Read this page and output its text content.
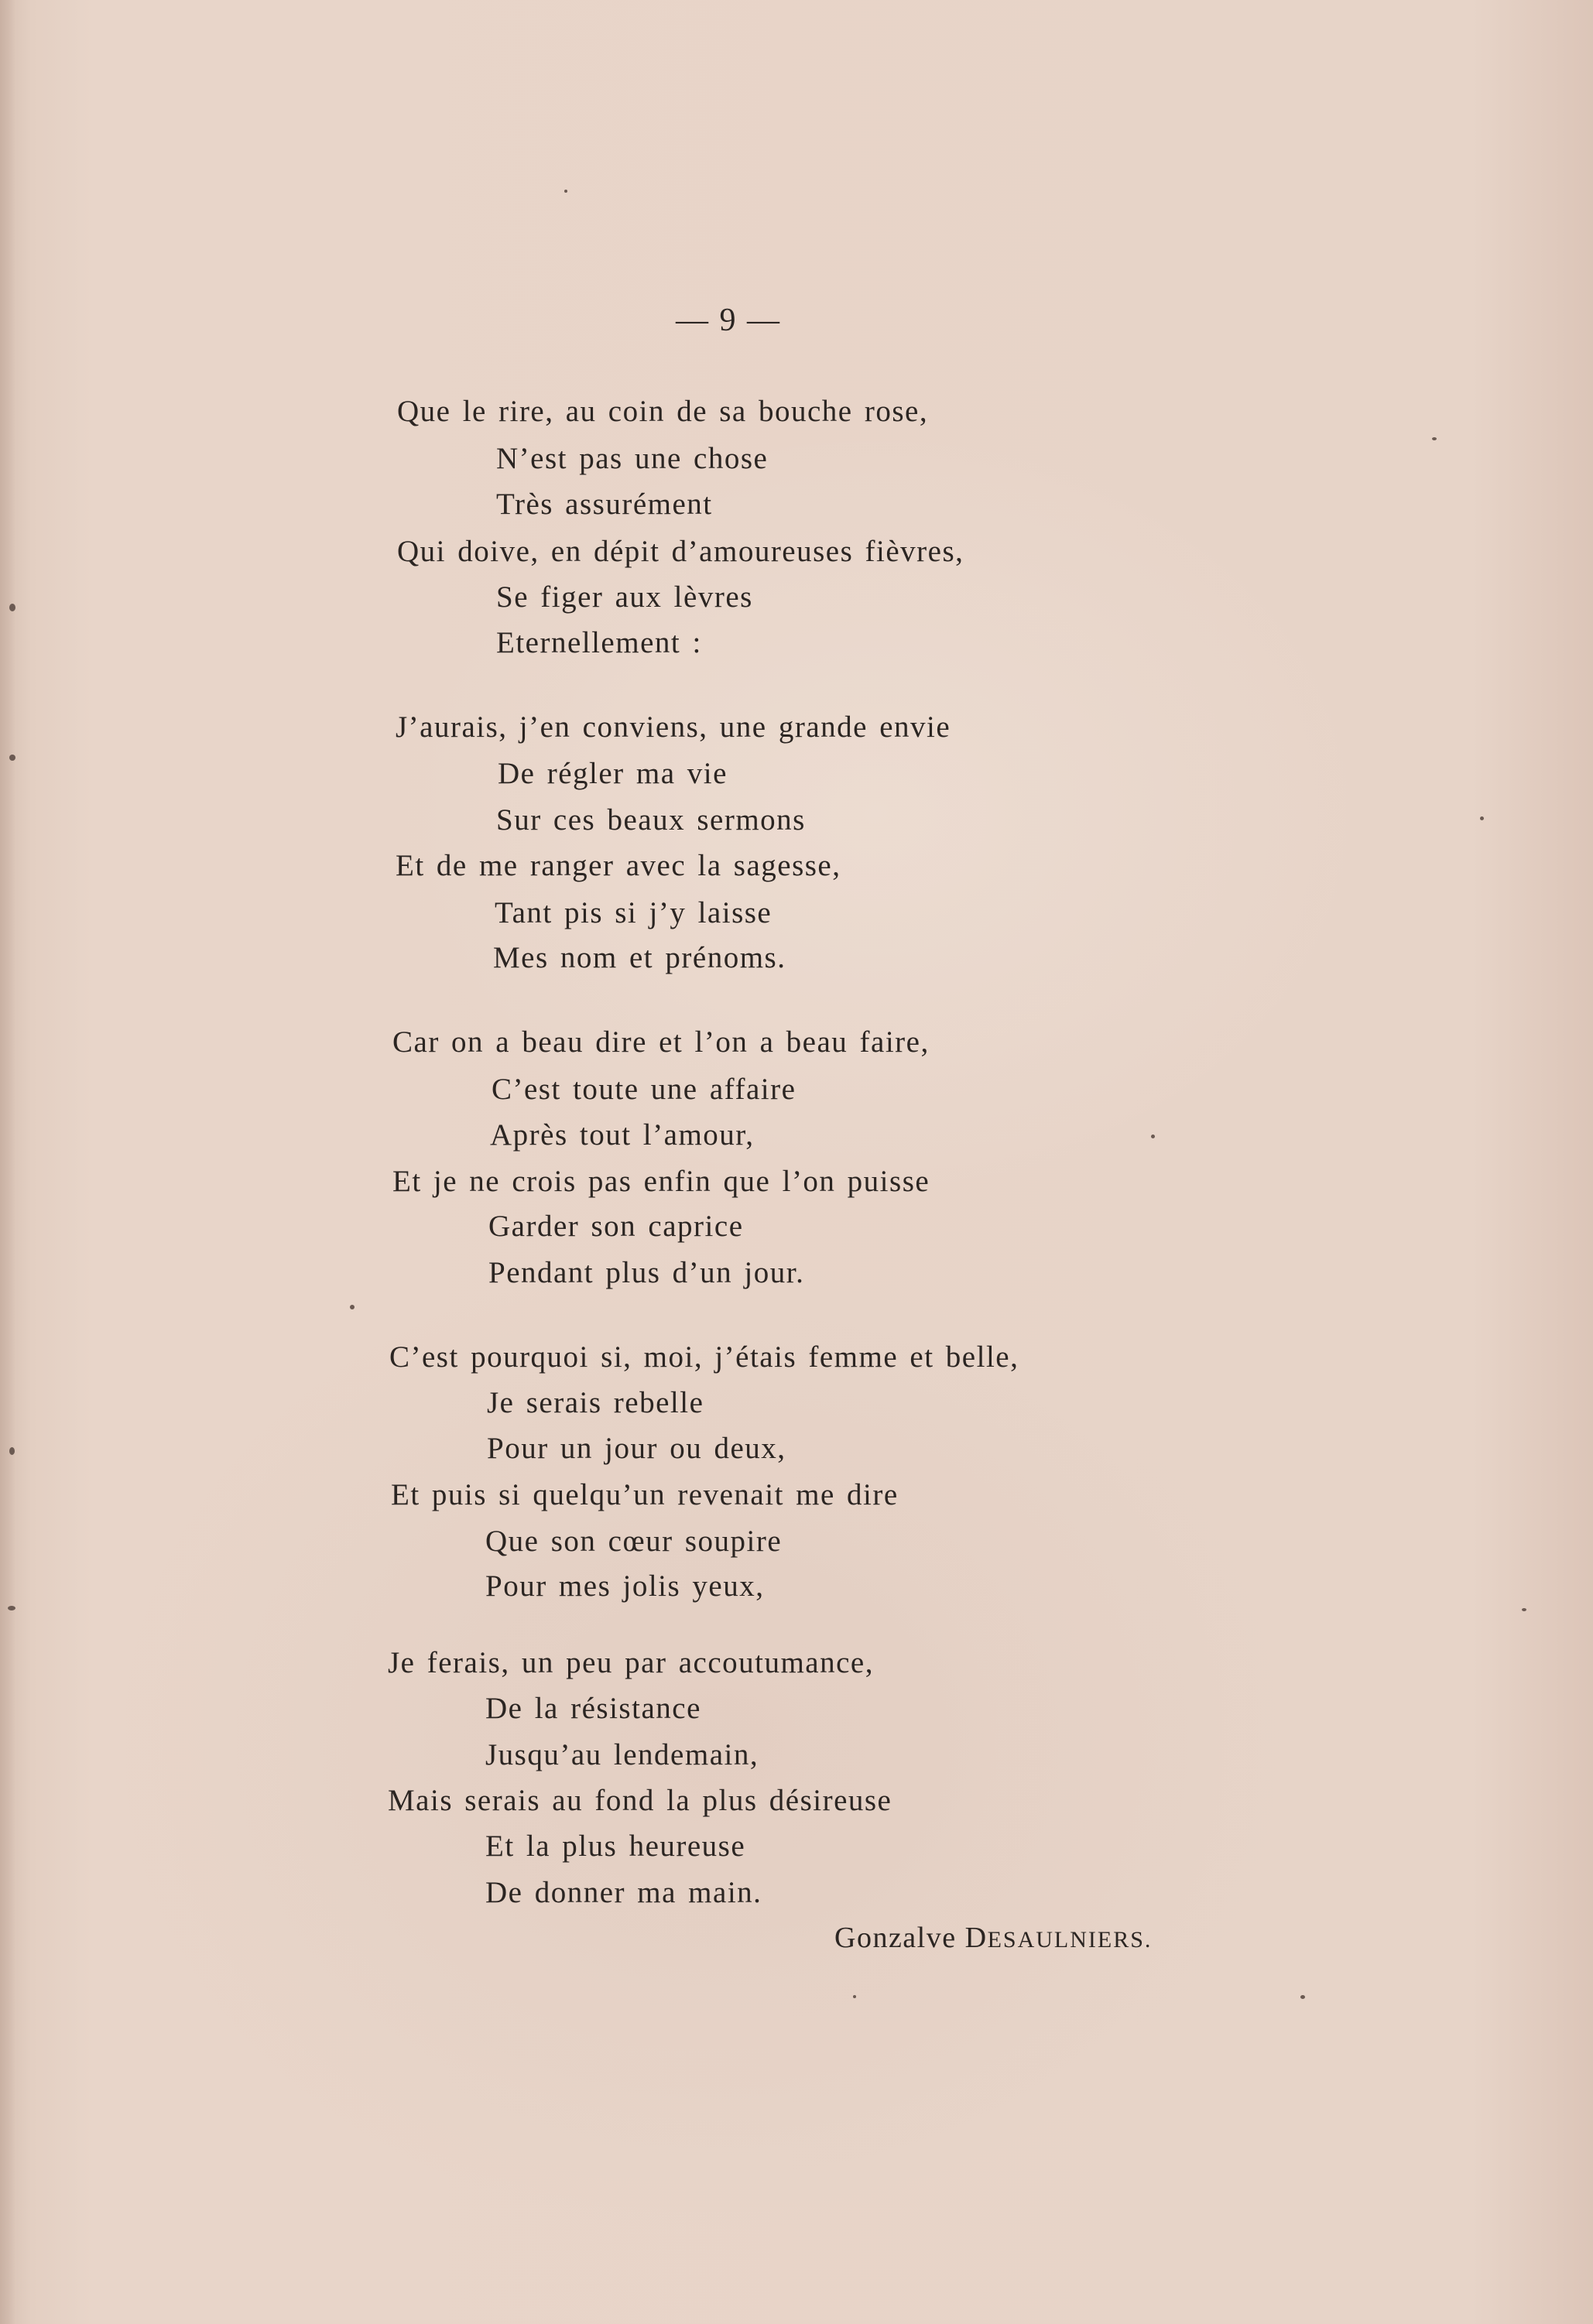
— 9 —
Que le rire, au coin de sa bouche rose,
N’est pas une chose
Très assurément
Qui doive, en dépit d’amoureuses fièvres,
Se figer aux lèvres
Eternellement :
J’aurais, j’en conviens, une grande envie
De régler ma vie
Sur ces beaux sermons
Et de me ranger avec la sagesse,
Tant pis si j’y laisse
Mes nom et prénoms.
Car on a beau dire et l’on a beau faire,
C’est toute une affaire
Après tout l’amour,
Et je ne crois pas enfin que l’on puisse
Garder son caprice
Pendant plus d’un jour.
C’est pourquoi si, moi, j’étais femme et belle,
Je serais rebelle
Pour un jour ou deux,
Et puis si quelqu’un revenait me dire
Que son cœur soupire
Pour mes jolis yeux,
Je ferais, un peu par accoutumance,
De la résistance
Jusqu’au lendemain,
Mais serais au fond la plus désireuse
Et la plus heureuse
De donner ma main.
Gonzalve DESAULNIERS.
